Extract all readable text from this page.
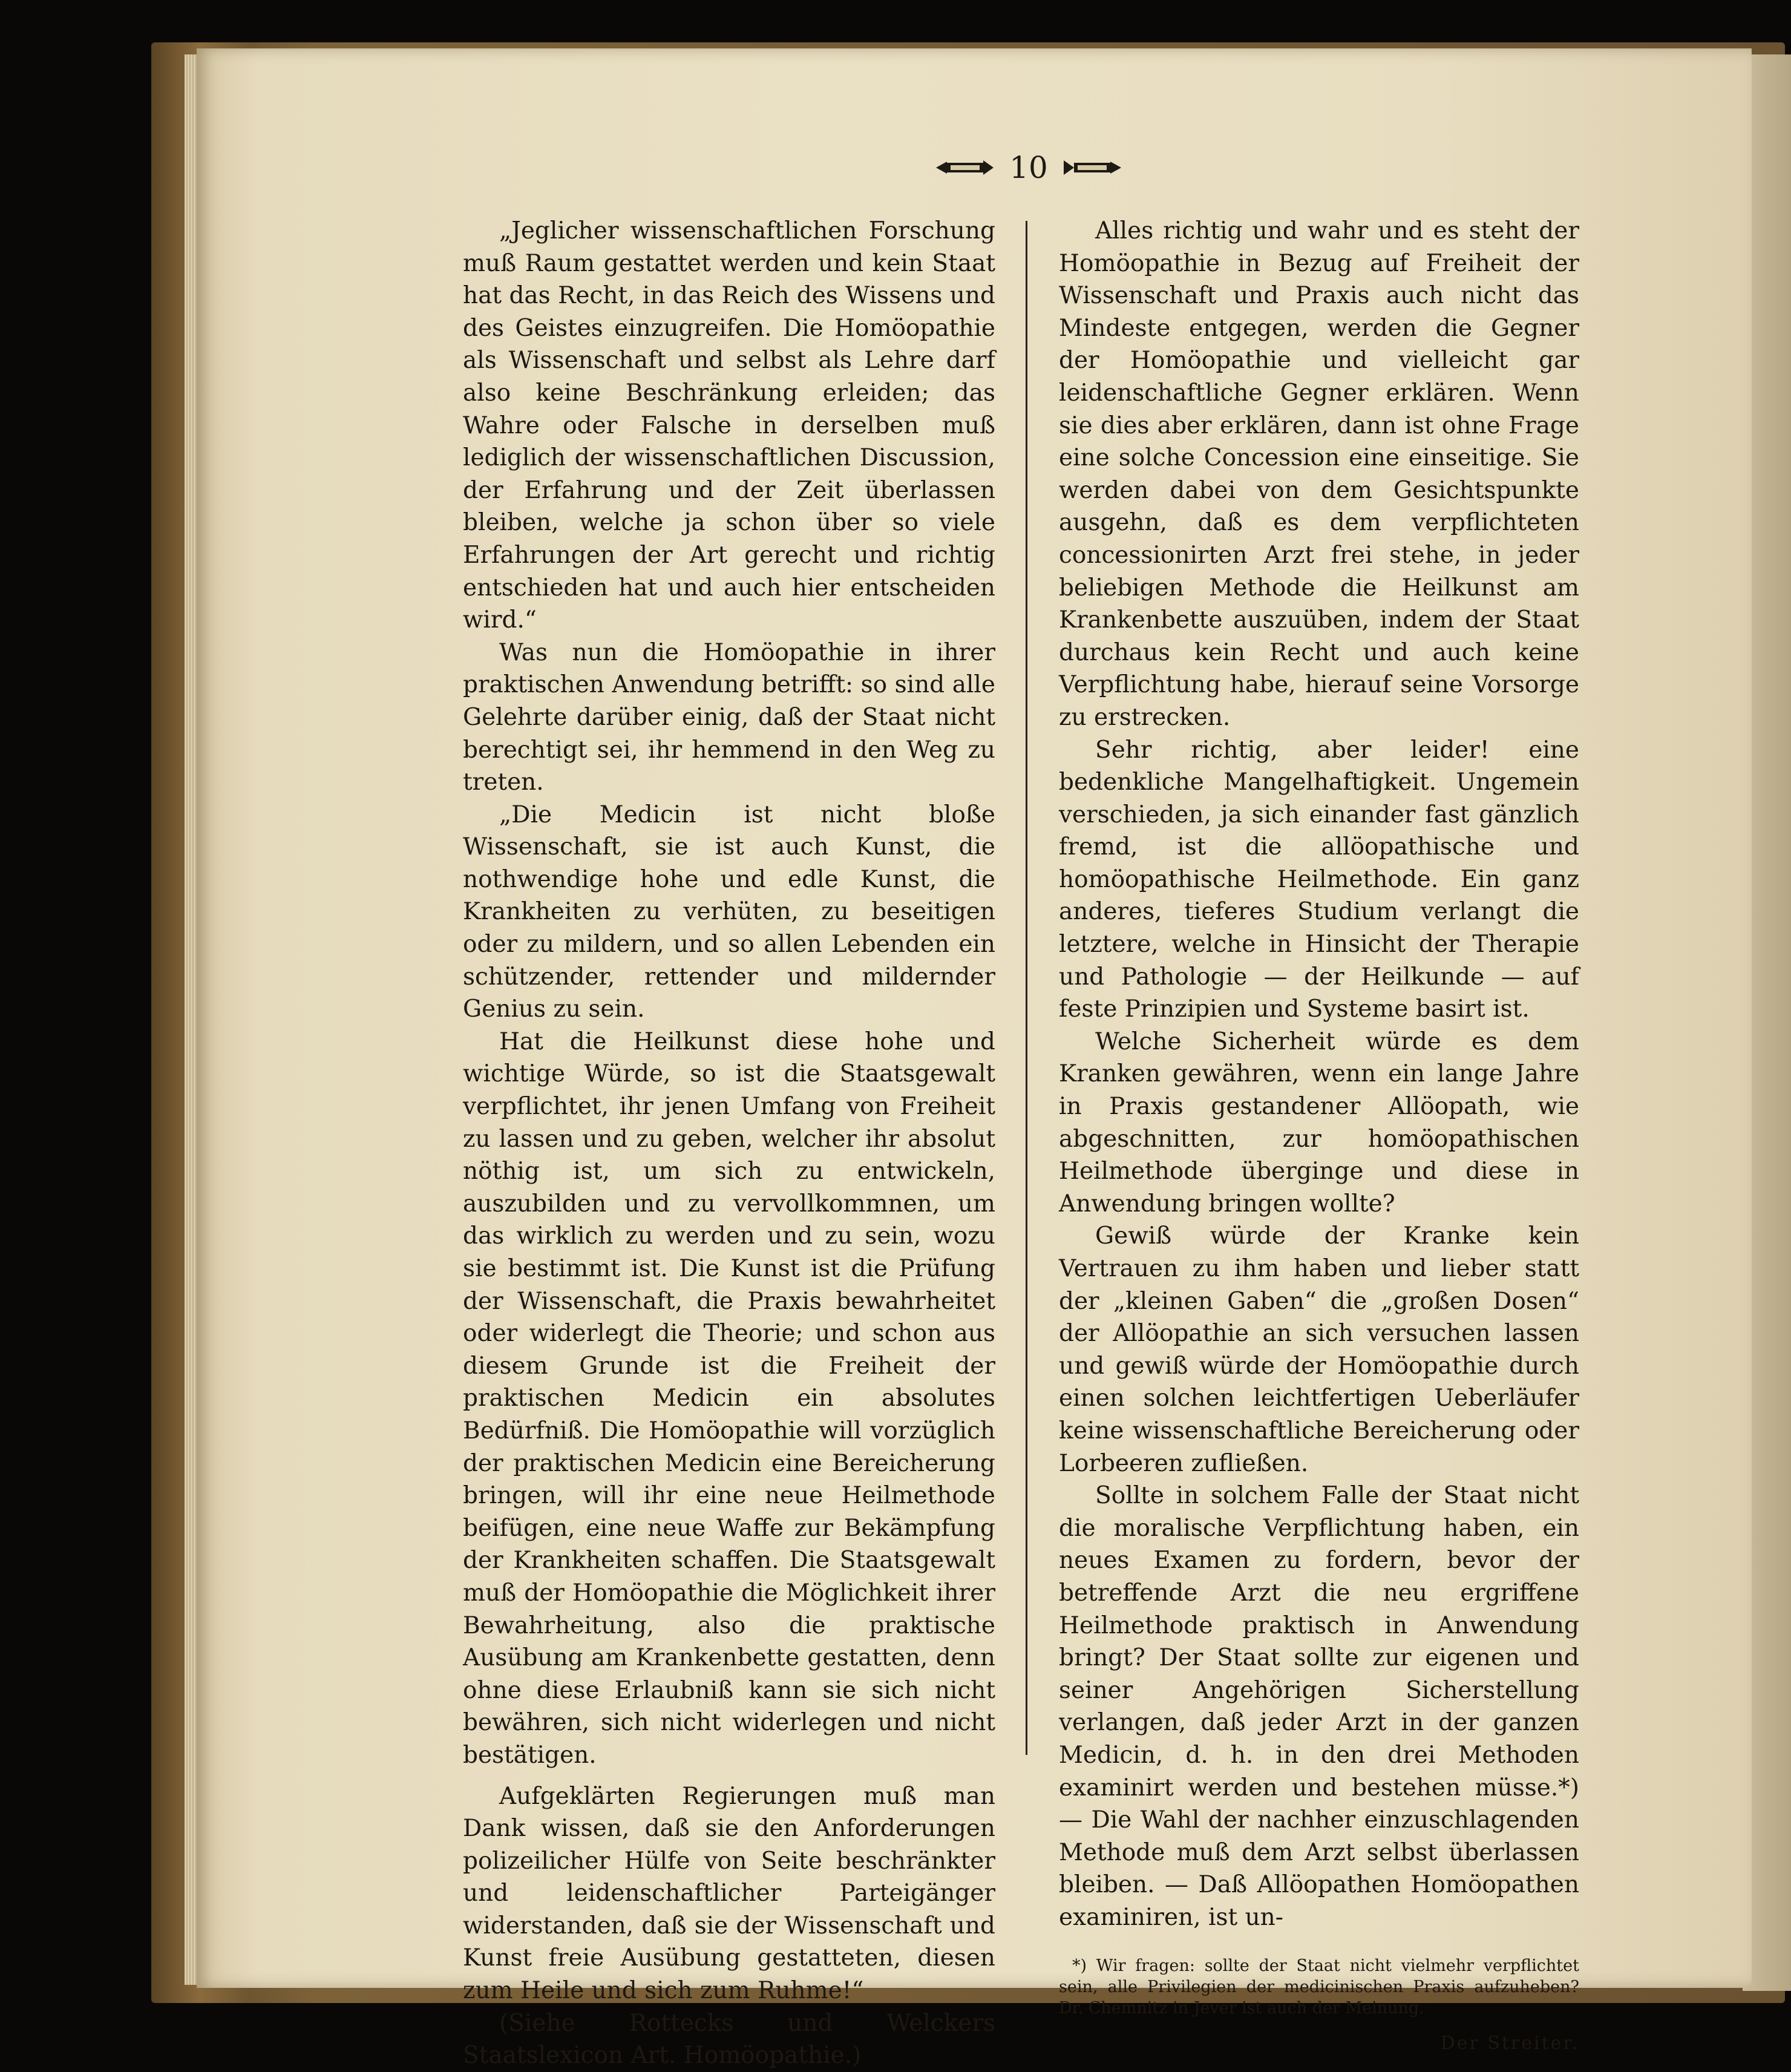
10

„Jeglicher wissenschaftlichen Forschung muß Raum gestattet werden und kein Staat hat das Recht, in das Reich des Wissens und des Geistes einzugreifen. Die Homöopathie als Wissenschaft und selbst als Lehre darf also keine Beschränkung erleiden; das Wahre oder Falsche in derselben muß lediglich der wissenschaftlichen Discussion, der Erfahrung und der Zeit überlassen bleiben, welche ja schon über so viele Erfahrungen der Art gerecht und richtig entschieden hat und auch hier entscheiden wird.“

Was nun die Homöopathie in ihrer praktischen Anwendung betrifft: so sind alle Gelehrte darüber einig, daß der Staat nicht berechtigt sei, ihr hemmend in den Weg zu treten.

„Die Medicin ist nicht bloße Wissenschaft, sie ist auch Kunst, die nothwendige hohe und edle Kunst, die Krankheiten zu verhüten, zu beseitigen oder zu mildern, und so allen Lebenden ein schützender, rettender und mildernder Genius zu sein.

Hat die Heilkunst diese hohe und wichtige Würde, so ist die Staatsgewalt verpflichtet, ihr jenen Umfang von Freiheit zu lassen und zu geben, welcher ihr absolut nöthig ist, um sich zu entwickeln, auszubilden und zu vervollkommnen, um das wirklich zu werden und zu sein, wozu sie bestimmt ist. Die Kunst ist die Prüfung der Wissenschaft, die Praxis bewahrheitet oder widerlegt die Theorie; und schon aus diesem Grunde ist die Freiheit der praktischen Medicin ein absolutes Bedürfniß. Die Homöopathie will vorzüglich der praktischen Medicin eine Bereicherung bringen, will ihr eine neue Heilmethode beifügen, eine neue Waffe zur Bekämpfung der Krankheiten schaffen. Die Staatsgewalt muß der Homöopathie die Möglichkeit ihrer Bewahrheitung, also die praktische Ausübung am Krankenbette gestatten, denn ohne diese Erlaubniß kann sie sich nicht bewähren, sich nicht widerlegen und nicht bestätigen.

Aufgeklärten Regierungen muß man Dank wissen, daß sie den Anforderungen polizeilicher Hülfe von Seite beschränkter und leidenschaftlicher Parteigänger widerstanden, daß sie der Wissenschaft und Kunst freie Ausübung gestatteten, diesen zum Heile und sich zum Ruhme!“

(Siehe Rottecks und Welckers Staatslexicon Art. Homöopathie.)

Alles richtig und wahr und es steht der Homöopathie in Bezug auf Freiheit der Wissenschaft und Praxis auch nicht das Mindeste entgegen, werden die Gegner der Homöopathie und vielleicht gar leidenschaftliche Gegner erklären. Wenn sie dies aber erklären, dann ist ohne Frage eine solche Concession eine einseitige. Sie werden dabei von dem Gesichtspunkte ausgehn, daß es dem verpflichteten concessionirten Arzt frei stehe, in jeder beliebigen Methode die Heilkunst am Krankenbette auszuüben, indem der Staat durchaus kein Recht und auch keine Verpflichtung habe, hierauf seine Vorsorge zu erstrecken.

Sehr richtig, aber leider! eine bedenkliche Mangelhaftigkeit. Ungemein verschieden, ja sich einander fast gänzlich fremd, ist die allöopathische und homöopathische Heilmethode. Ein ganz anderes, tieferes Studium verlangt die letztere, welche in Hinsicht der Therapie und Pathologie — der Heilkunde — auf feste Prinzipien und Systeme basirt ist.

Welche Sicherheit würde es dem Kranken gewähren, wenn ein lange Jahre in Praxis gestandener Allöopath, wie abgeschnitten, zur homöopathischen Heilmethode überginge und diese in Anwendung bringen wollte?

Gewiß würde der Kranke kein Vertrauen zu ihm haben und lieber statt der „kleinen Gaben“ die „großen Dosen“ der Allöopathie an sich versuchen lassen und gewiß würde der Homöopathie durch einen solchen leichtfertigen Ueberläufer keine wissenschaftliche Bereicherung oder Lorbeeren zufließen.

Sollte in solchem Falle der Staat nicht die moralische Verpflichtung haben, ein neues Examen zu fordern, bevor der betreffende Arzt die neu ergriffene Heilmethode praktisch in Anwendung bringt? Der Staat sollte zur eigenen und seiner Angehörigen Sicherstellung verlangen, daß jeder Arzt in der ganzen Medicin, d. h. in den drei Methoden examinirt werden und bestehen müsse.*) — Die Wahl der nachher einzuschlagenden Methode muß dem Arzt selbst überlassen bleiben. — Daß Allöopathen Homöopathen examiniren, ist un-

*) Wir fragen: sollte der Staat nicht vielmehr verpflichtet sein, alle Privilegien der medicinischen Praxis aufzuheben? Dr. Chemnitz in Jever ist auch der Meinung.
Der Streiter.
